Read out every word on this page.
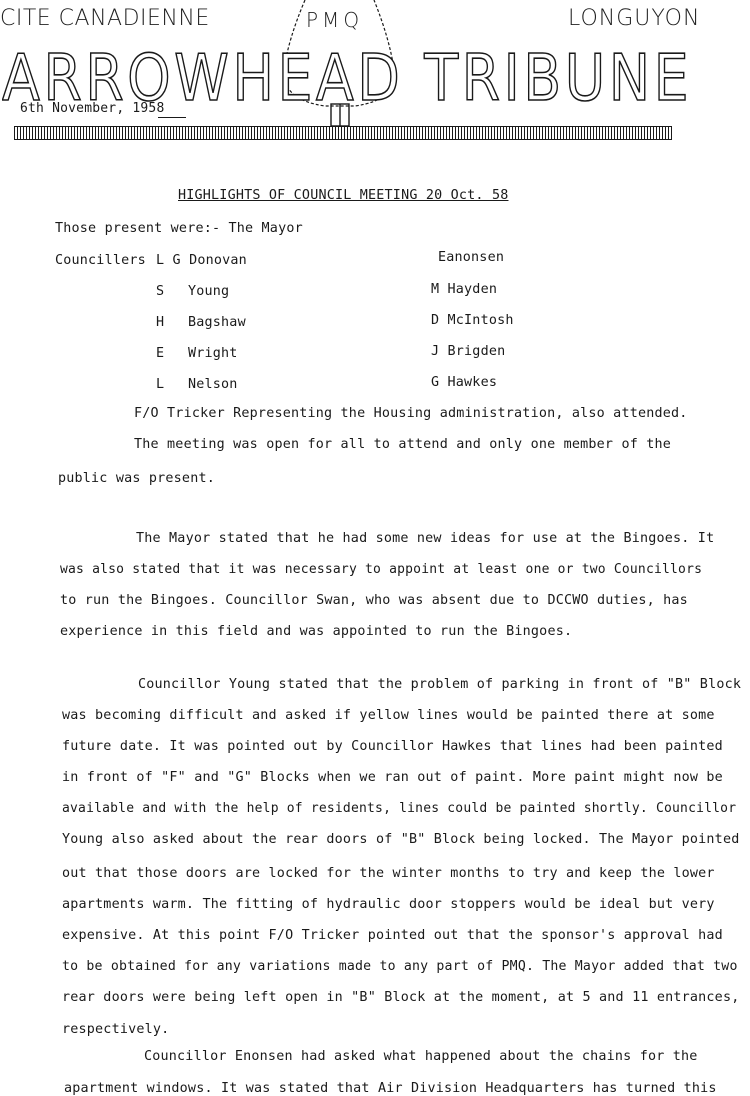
CITE CANADIENNE	LONGUYON
PMQ
ARROWHEAD TRIBUNE
6th November, 1958
HIGHLIGHTS OF COUNCIL MEETING 20 Oct. 58
Those present were:- The Mayor
Councillers L G Donovan
S Young
H Bagshaw
E Wright
L Nelson
Eanonsen
M Hayden
D McIntosh
J Brigden
G Hawkes
F/O Tricker Representing the Housing administration, also attended.
The meeting was open for all to attend and only one member of the
public was present.
The Mayor stated that he had some new ideas for use at the Bingoes. It
was also stated that it was necessary to appoint at least one or two Councillors
to run the Bingoes. Councillor Swan, who was absent due to DCCWO duties, has
experience in this field and was appointed to run the Bingoes.
Councillor Young stated that the problem of parking in front of "B" Block
was becoming difficult and asked if yellow lines would be painted there at some
future date. It was pointed out by Councillor Hawkes that lines had been painted
in front of "F" and "G" Blocks when we ran out of paint. More paint might now be
available and with the help of residents, lines could be painted shortly. Councillor
Young also asked about the rear doors of "B" Block being locked. The Mayor pointed
out that those doors are locked for the winter months to try and keep the lower
apartments warm. The fitting of hydraulic door stoppers would be ideal but very
expensive. At this point F/O Tricker pointed out that the sponsor's approval had
to be obtained for any variations made to any part of PMQ. The Mayor added that two
rear doors were being left open in "B" Block at the moment, at 5 and 11 entrances,
respectively.
Councillor Enonsen had asked what happened about the chains for the
apartment windows. It was stated that Air Division Headquarters has turned this
